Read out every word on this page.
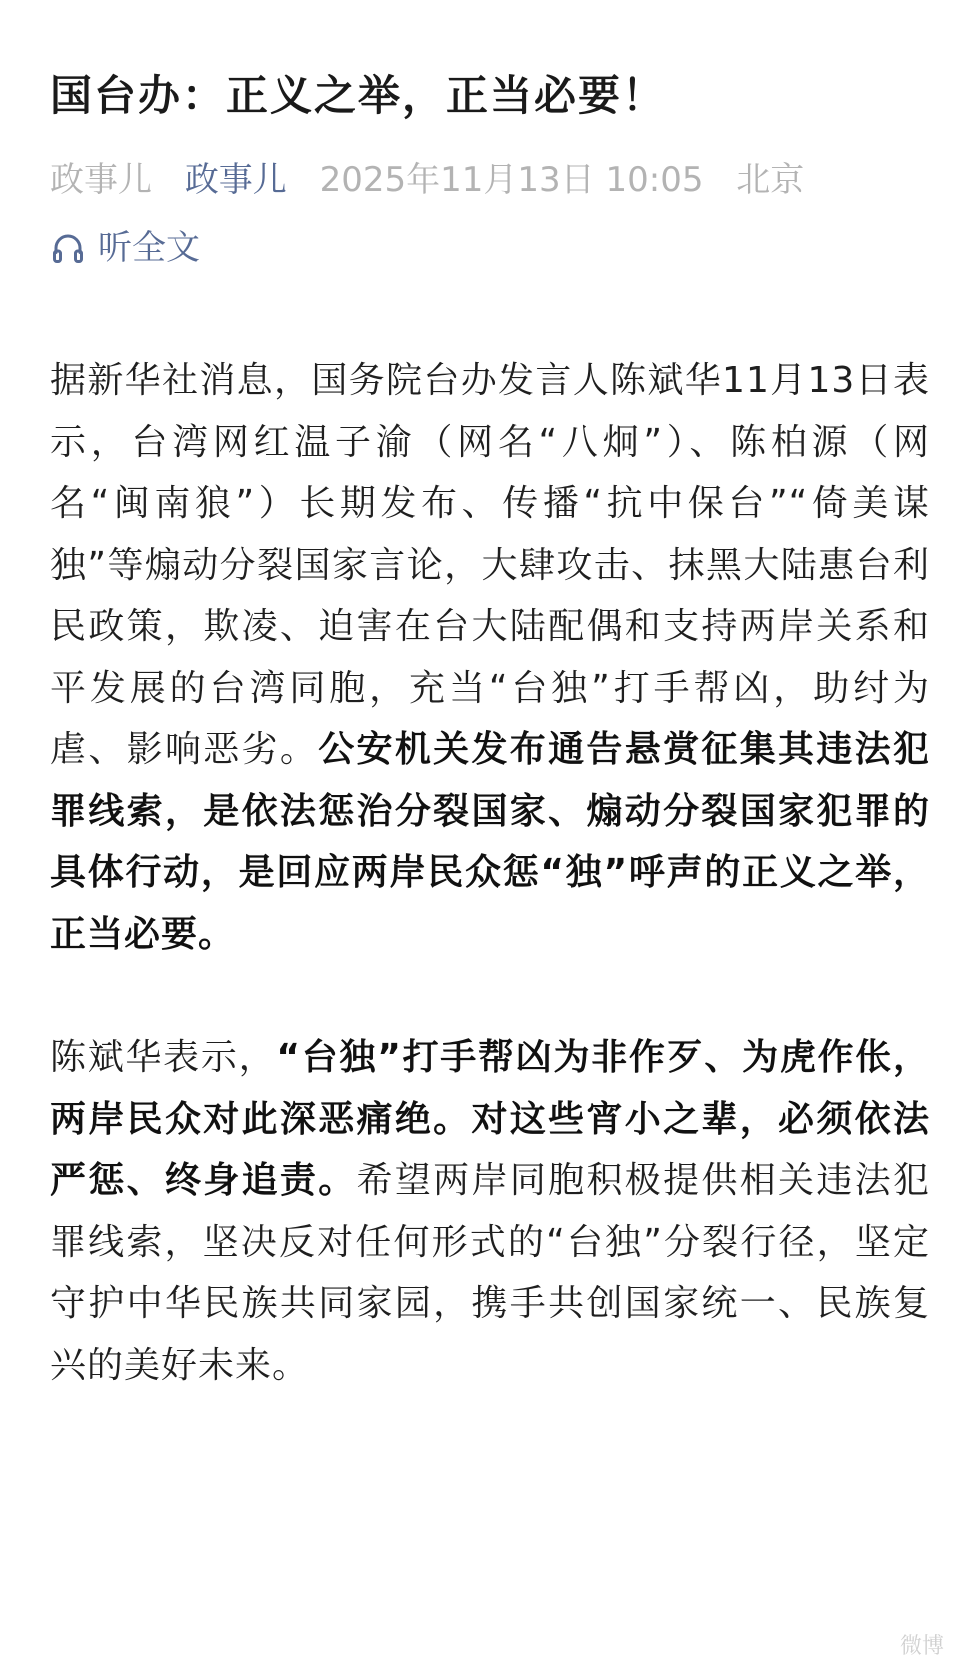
国台办：正义之举，正当必要！
政事儿 政事儿 2025年11月13日 10:05 北京
听全文

据新华社消息，国务院台办发言人陈斌华11月13日表示，台湾网红温子渝（网名“八炯”）、陈柏源（网名“闽南狼”）长期发布、传播“抗中保台”“倚美谋独”等煽动分裂国家言论，大肆攻击、抹黑大陆惠台利民政策，欺凌、迫害在台大陆配偶和支持两岸关系和平发展的台湾同胞，充当“台独”打手帮凶，助纣为虐、影响恶劣。公安机关发布通告悬赏征集其违法犯罪线索，是依法惩治分裂国家、煽动分裂国家犯罪的具体行动，是回应两岸民众惩“独”呼声的正义之举，正当必要。

陈斌华表示，“台独”打手帮凶为非作歹、为虎作伥，两岸民众对此深恶痛绝。对这些宵小之辈，必须依法严惩、终身追责。希望两岸同胞积极提供相关违法犯罪线索，坚决反对任何形式的“台独”分裂行径，坚定守护中华民族共同家园，携手共创国家统一、民族复兴的美好未来。

微博
